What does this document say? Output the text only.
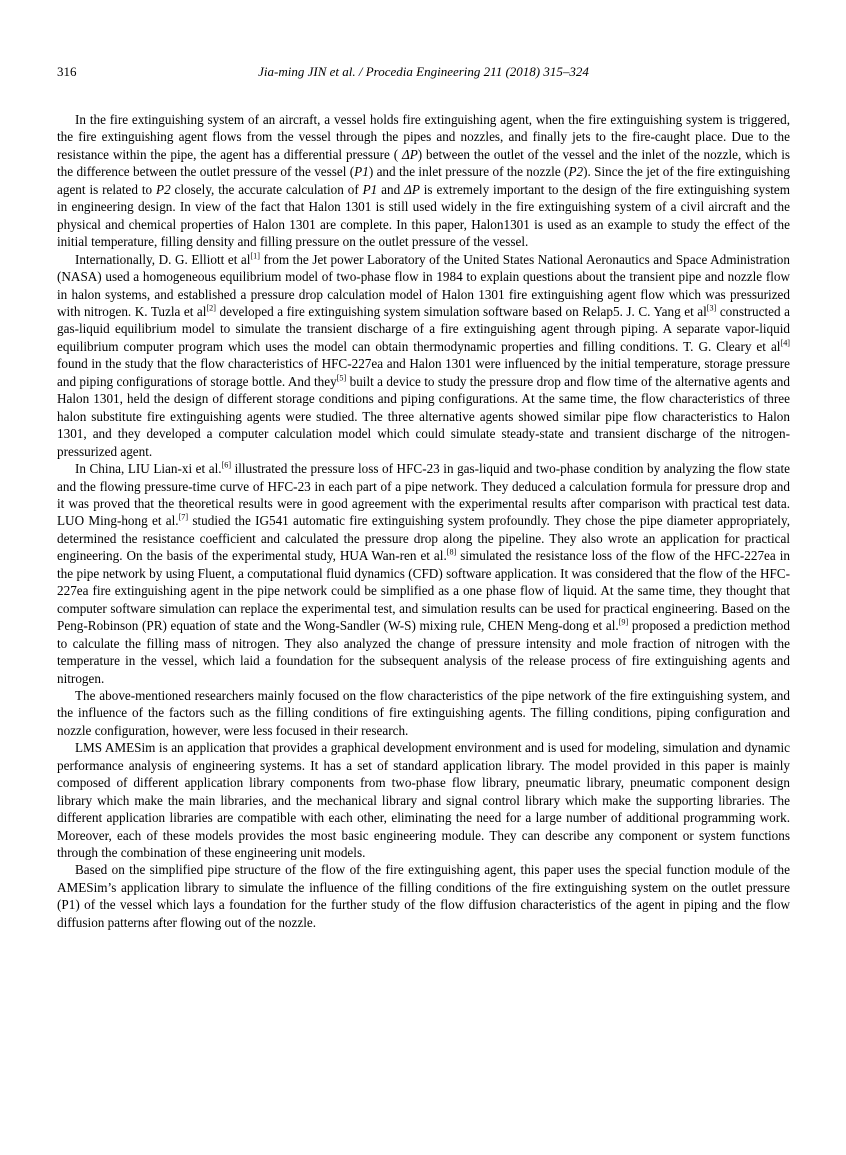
316	Jia-ming JIN et al. / Procedia Engineering 211 (2018) 315–324

In the fire extinguishing system of an aircraft, a vessel holds fire extinguishing agent, when the fire extinguishing system is triggered, the fire extinguishing agent flows from the vessel through the pipes and nozzles, and finally jets to the fire-caught place. Due to the resistance within the pipe, the agent has a differential pressure ( ΔP) between the outlet of the vessel and the inlet of the nozzle, which is the difference between the outlet pressure of the vessel (P1) and the inlet pressure of the nozzle (P2). Since the jet of the fire extinguishing agent is related to P2 closely, the accurate calculation of P1 and ΔP is extremely important to the design of the fire extinguishing system in engineering design. In view of the fact that Halon 1301 is still used widely in the fire extinguishing system of a civil aircraft and the physical and chemical properties of Halon 1301 are complete. In this paper, Halon1301 is used as an example to study the effect of the initial temperature, filling density and filling pressure on the outlet pressure of the vessel.

Internationally, D. G. Elliott et al[1] from the Jet power Laboratory of the United States National Aeronautics and Space Administration (NASA) used a homogeneous equilibrium model of two-phase flow in 1984 to explain questions about the transient pipe and nozzle flow in halon systems, and established a pressure drop calculation model of Halon 1301 fire extinguishing agent flow which was pressurized with nitrogen. K. Tuzla et al[2] developed a fire extinguishing system simulation software based on Relap5. J. C. Yang et al[3] constructed a gas-liquid equilibrium model to simulate the transient discharge of a fire extinguishing agent through piping. A separate vapor-liquid equilibrium computer program which uses the model can obtain thermodynamic properties and filling conditions. T. G. Cleary et al[4] found in the study that the flow characteristics of HFC-227ea and Halon 1301 were influenced by the initial temperature, storage pressure and piping configurations of storage bottle. And they[5] built a device to study the pressure drop and flow time of the alternative agents and Halon 1301, held the design of different storage conditions and piping configurations. At the same time, the flow characteristics of three halon substitute fire extinguishing agents were studied. The three alternative agents showed similar pipe flow characteristics to Halon 1301, and they developed a computer calculation model which could simulate steady-state and transient discharge of the nitrogen-pressurized agent.

In China, LIU Lian-xi et al.[6] illustrated the pressure loss of HFC-23 in gas-liquid and two-phase condition by analyzing the flow state and the flowing pressure-time curve of HFC-23 in each part of a pipe network. They deduced a calculation formula for pressure drop and it was proved that the theoretical results were in good agreement with the experimental results after comparison with practical test data. LUO Ming-hong et al.[7] studied the IG541 automatic fire extinguishing system profoundly. They chose the pipe diameter appropriately, determined the resistance coefficient and calculated the pressure drop along the pipeline. They also wrote an application for practical engineering. On the basis of the experimental study, HUA Wan-ren et al.[8] simulated the resistance loss of the flow of the HFC-227ea in the pipe network by using Fluent, a computational fluid dynamics (CFD) software application. It was considered that the flow of the HFC-227ea fire extinguishing agent in the pipe network could be simplified as a one phase flow of liquid. At the same time, they thought that computer software simulation can replace the experimental test, and simulation results can be used for practical engineering. Based on the Peng-Robinson (PR) equation of state and the Wong-Sandler (W-S) mixing rule, CHEN Meng-dong et al.[9] proposed a prediction method to calculate the filling mass of nitrogen. They also analyzed the change of pressure intensity and mole fraction of nitrogen with the temperature in the vessel, which laid a foundation for the subsequent analysis of the release process of fire extinguishing agents and nitrogen.

The above-mentioned researchers mainly focused on the flow characteristics of the pipe network of the fire extinguishing system, and the influence of the factors such as the filling conditions of fire extinguishing agents. The filling conditions, piping configuration and nozzle configuration, however, were less focused in their research.

LMS AMESim is an application that provides a graphical development environment and is used for modeling, simulation and dynamic performance analysis of engineering systems. It has a set of standard application library. The model provided in this paper is mainly composed of different application library components from two-phase flow library, pneumatic library, pneumatic component design library which make the main libraries, and the mechanical library and signal control library which make the supporting libraries. The different application libraries are compatible with each other, eliminating the need for a large number of additional programming work. Moreover, each of these models provides the most basic engineering module. They can describe any component or system functions through the combination of these engineering unit models.

Based on the simplified pipe structure of the flow of the fire extinguishing agent, this paper uses the special function module of the AMESim’s application library to simulate the influence of the filling conditions of the fire extinguishing system on the outlet pressure (P1) of the vessel which lays a foundation for the further study of the flow diffusion characteristics of the agent in piping and the flow diffusion patterns after flowing out of the nozzle.
